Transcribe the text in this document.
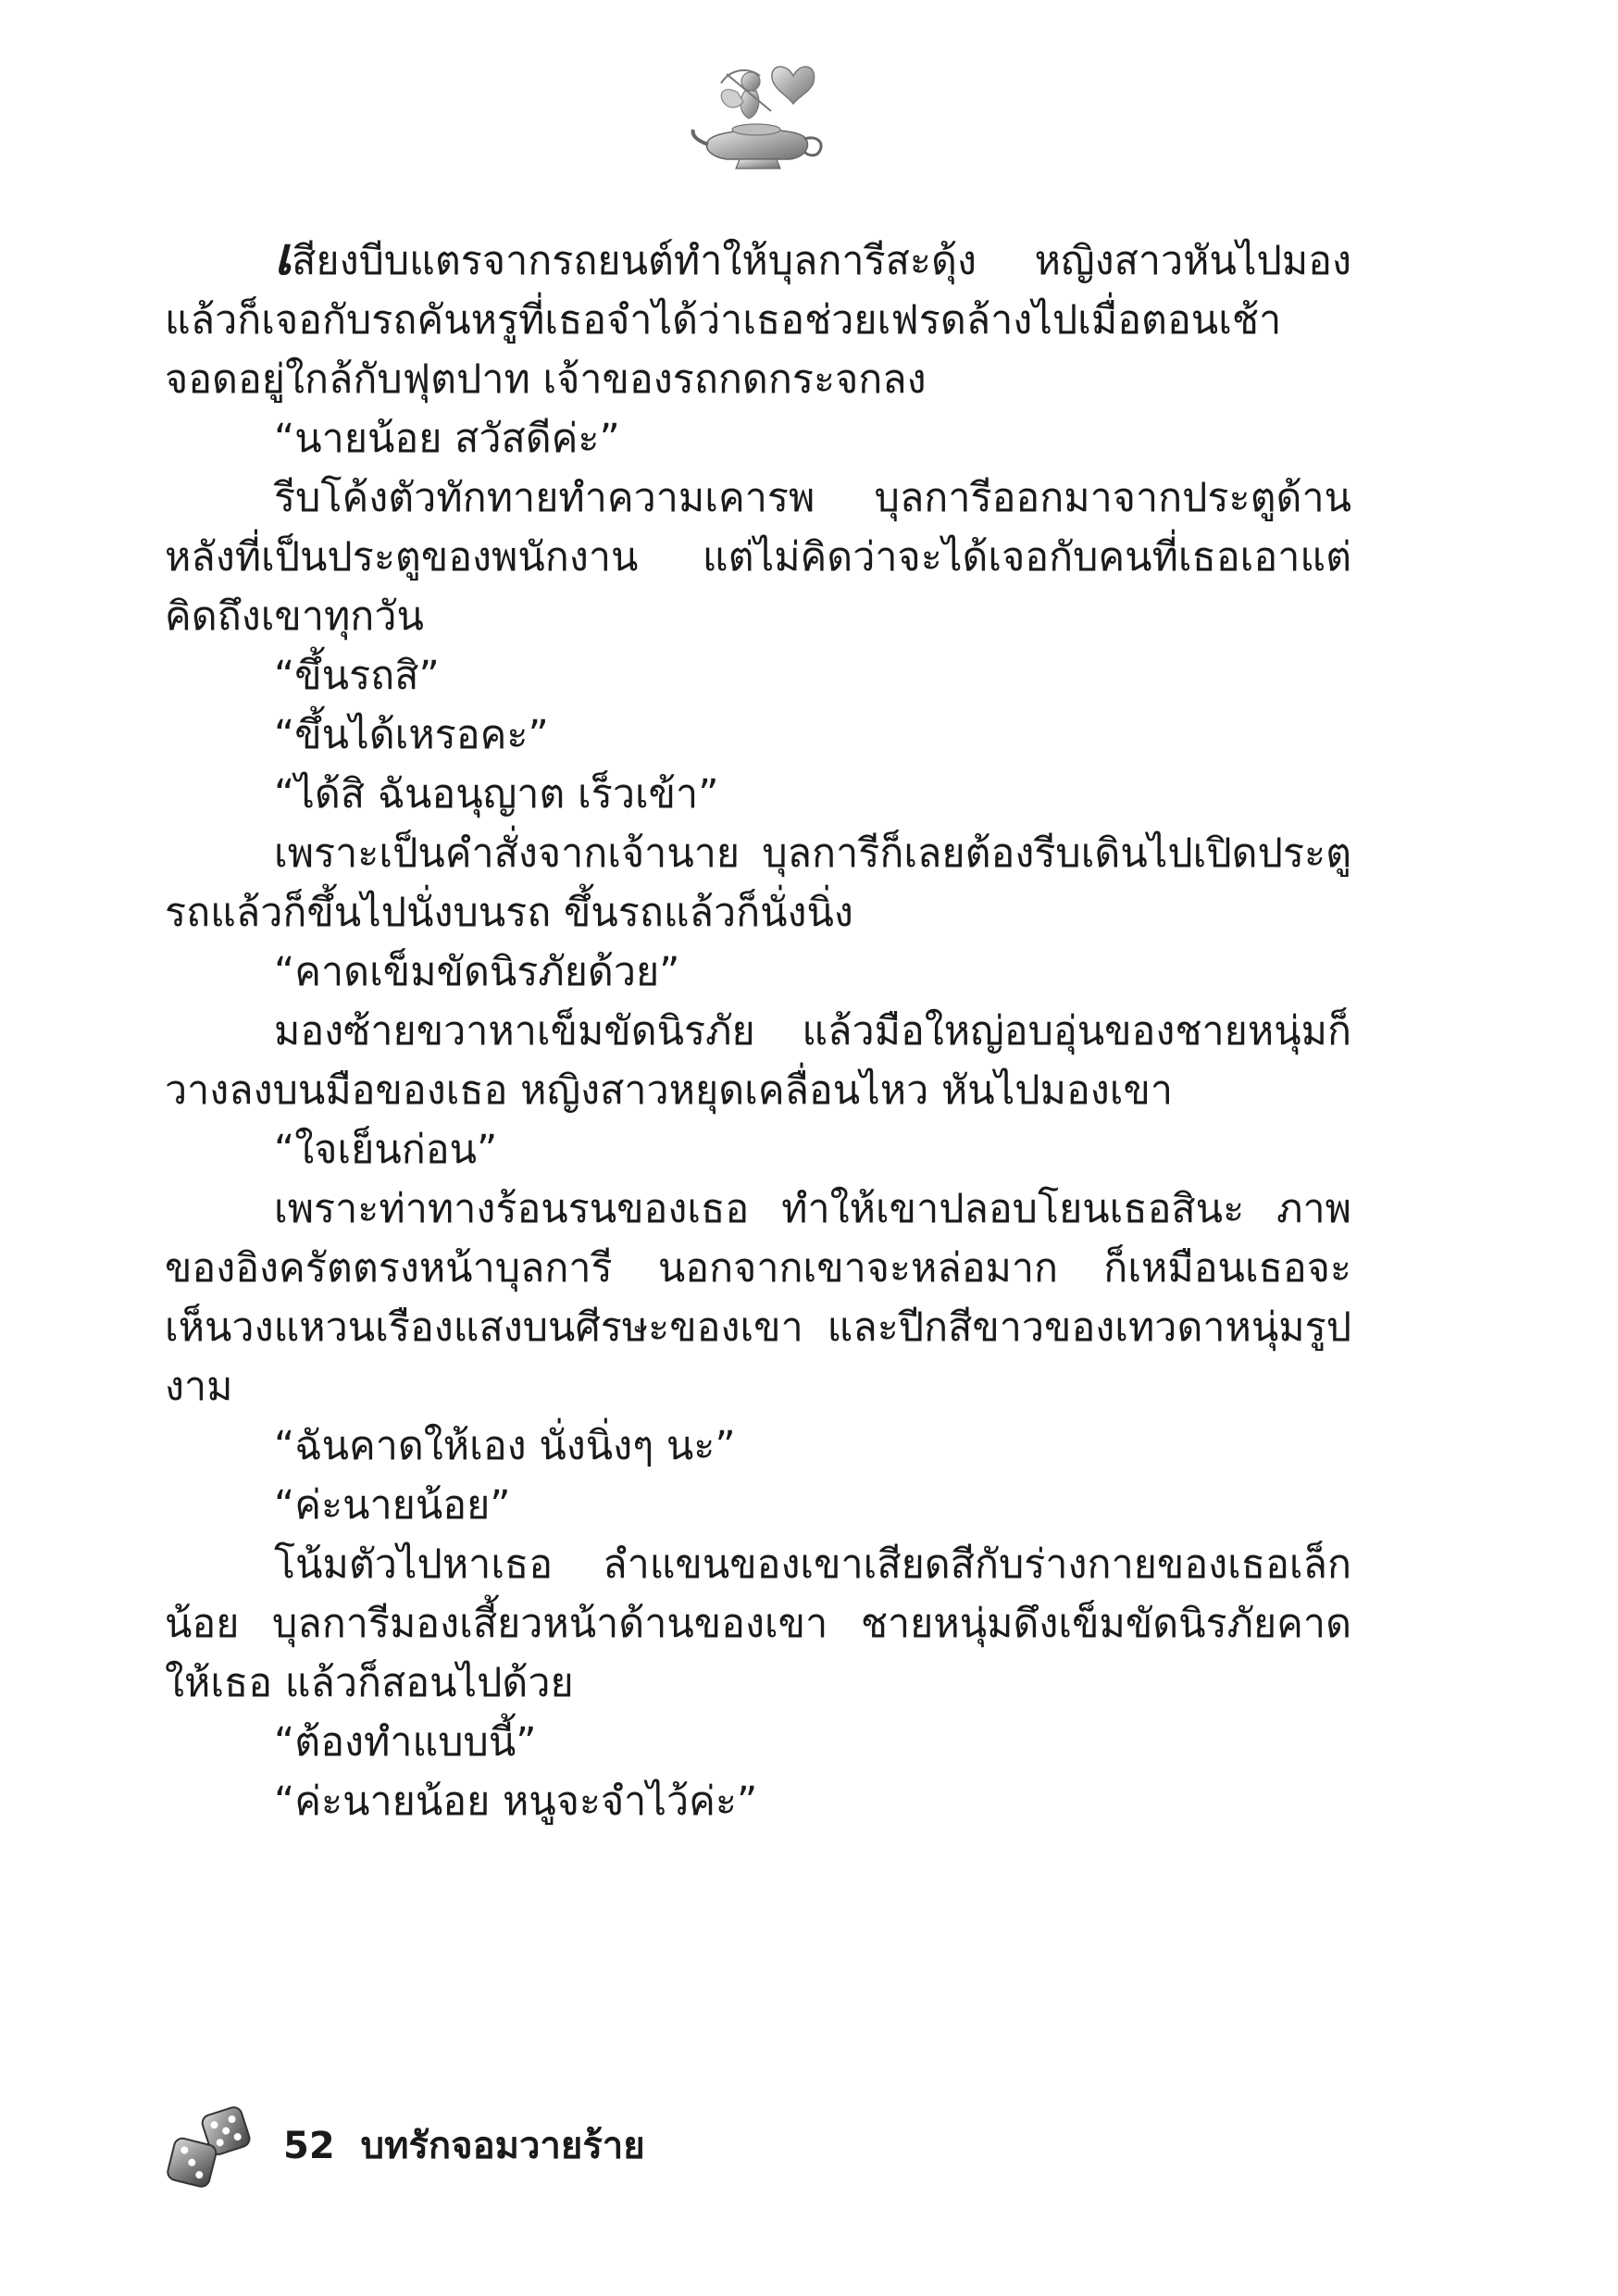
เสียงบีบแตรจากรถยนต์ทำให้บุลการีสะดุ้ง หญิงสาวหันไปมอง แล้วก็เจอกับรถคันหรูที่เธอจำได้ว่าเธอช่วยเฟรดล้างไปเมื่อตอนเช้าจอดอยู่ใกล้กับฟุตปาท เจ้าของรถกดกระจกลง

“นายน้อย สวัสดีค่ะ”

รีบโค้งตัวทักทายทำความเคารพ บุลการีออกมาจากประตูด้านหลังที่เป็นประตูของพนักงาน แต่ไม่คิดว่าจะได้เจอกับคนที่เธอเอาแต่คิดถึงเขาทุกวัน

“ขึ้นรถสิ”

“ขึ้นได้เหรอคะ”

“ได้สิ ฉันอนุญาต เร็วเข้า”

เพราะเป็นคำสั่งจากเจ้านาย บุลการีก็เลยต้องรีบเดินไปเปิดประตูรถแล้วก็ขึ้นไปนั่งบนรถ ขึ้นรถแล้วก็นั่งนิ่ง

“คาดเข็มขัดนิรภัยด้วย”

มองซ้ายขวาหาเข็มขัดนิรภัย แล้วมือใหญ่อบอุ่นของชายหนุ่มก็วางลงบนมือของเธอ หญิงสาวหยุดเคลื่อนไหว หันไปมองเขา

“ใจเย็นก่อน”

เพราะท่าทางร้อนรนของเธอ ทำให้เขาปลอบโยนเธอสินะ ภาพของอิงครัตตรงหน้าบุลการี นอกจากเขาจะหล่อมาก ก็เหมือนเธอจะเห็นวงแหวนเรืองแสงบนศีรษะของเขา และปีกสีขาวของเทวดาหนุ่มรูปงาม

“ฉันคาดให้เอง นั่งนิ่งๆ นะ”

“ค่ะนายน้อย”

โน้มตัวไปหาเธอ ลำแขนของเขาเสียดสีกับร่างกายของเธอเล็กน้อย บุลการีมองเสี้ยวหน้าด้านของเขา ชายหนุ่มดึงเข็มขัดนิรภัยคาดให้เธอ แล้วก็สอนไปด้วย

“ต้องทำแบบนี้”

“ค่ะนายน้อย หนูจะจำไว้ค่ะ”

52 บทรักจอมวายร้าย
